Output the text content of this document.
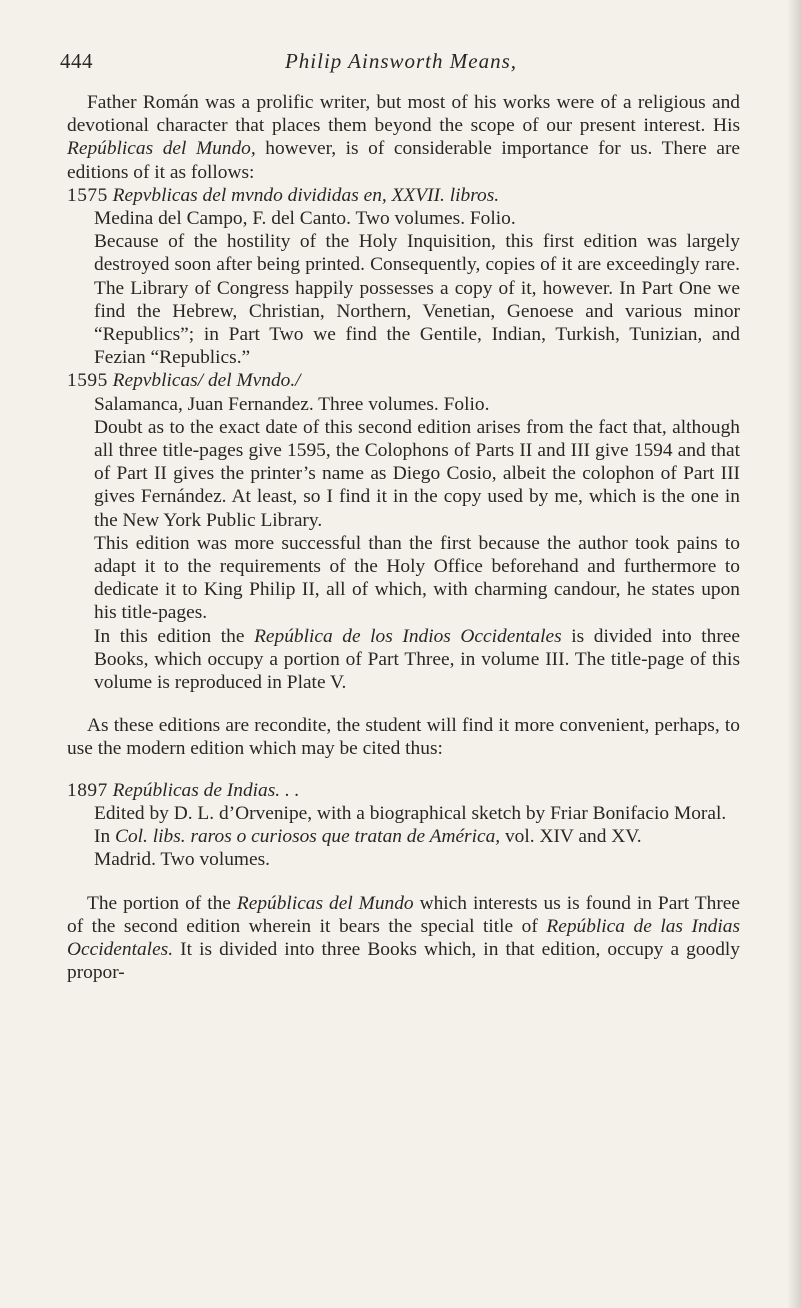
444	Philip Ainsworth Means,

Father Román was a prolific writer, but most of his works were of a religious and devotional character that places them beyond the scope of our present interest. His Repúblicas del Mundo, however, is of considerable importance for us. There are editions of it as follows:

1575 Repvblicas del mvndo divididas en, XXVII. libros.

Medina del Campo, F. del Canto. Two volumes. Folio.

Because of the hostility of the Holy Inquisition, this first edition was largely destroyed soon after being printed. Consequently, copies of it are exceedingly rare. The Library of Congress happily possesses a copy of it, however. In Part One we find the Hebrew, Christian, Northern, Venetian, Genoese and various minor “Republics”; in Part Two we find the Gentile, Indian, Turkish, Tunizian, and Fezian “Republics.”

1595 Repvblicas/ del Mvndo./

Salamanca, Juan Fernandez. Three volumes. Folio.

Doubt as to the exact date of this second edition arises from the fact that, although all three title-pages give 1595, the Colophons of Parts II and III give 1594 and that of Part II gives the printer’s name as Diego Cosio, albeit the colophon of Part III gives Fernández. At least, so I find it in the copy used by me, which is the one in the New York Public Library.

This edition was more successful than the first because the author took pains to adapt it to the requirements of the Holy Office beforehand and furthermore to dedicate it to King Philip II, all of which, with charming candour, he states upon his title-pages.

In this edition the República de los Indios Occidentales is divided into three Books, which occupy a portion of Part Three, in volume III. The title-page of this volume is reproduced in Plate V.

As these editions are recondite, the student will find it more convenient, perhaps, to use the modern edition which may be cited thus:

1897 Repúblicas de Indias. . .

Edited by D. L. d’Orvenipe, with a biographical sketch by Friar Bonifacio Moral.

In Col. libs. raros o curiosos que tratan de América, vol. XIV and XV.

Madrid. Two volumes.

The portion of the Repúblicas del Mundo which interests us is found in Part Three of the second edition wherein it bears the special title of República de las Indias Occidentales. It is divided into three Books which, in that edition, occupy a goodly propor-
